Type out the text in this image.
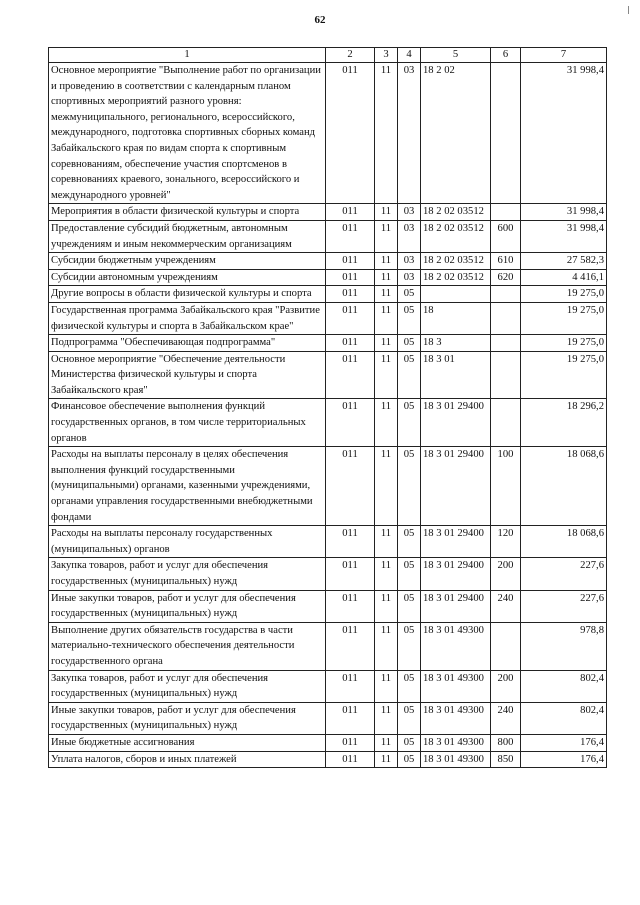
62
1	2	3	4	5	6	7
Основное мероприятие "Выполнение работ по организации и проведению в соответствии с календарным планом спортивных мероприятий разного уровня: межмуниципального, регионального, всероссийского, международного, подготовка спортивных сборных команд Забайкальского края по видам спорта к спортивным соревнованиям, обеспечение участия спортсменов в соревнованиях краевого, зонального, всероссийского и международного уровней"	011	11	03	18 2 02		31 998,4
Мероприятия в области физической культуры и спорта	011	11	03	18 2 02 03512		31 998,4
Предоставление субсидий бюджетным, автономным учреждениям и иным некоммерческим организациям	011	11	03	18 2 02 03512	600	31 998,4
Субсидии бюджетным учреждениям	011	11	03	18 2 02 03512	610	27 582,3
Субсидии автономным учреждениям	011	11	03	18 2 02 03512	620	4 416,1
Другие вопросы в области физической культуры и спорта	011	11	05			19 275,0
Государственная программа Забайкальского края "Развитие физической культуры и спорта в Забайкальском крае"	011	11	05	18		19 275,0
Подпрограмма "Обеспечивающая подпрограмма"	011	11	05	18 3		19 275,0
Основное мероприятие "Обеспечение деятельности Министерства физической культуры и спорта Забайкальского края"	011	11	05	18 3 01		19 275,0
Финансовое обеспечение выполнения функций государственных органов, в том числе территориальных органов	011	11	05	18 3 01 29400		18 296,2
Расходы на выплаты персоналу в целях обеспечения выполнения функций государственными (муниципальными) органами, казенными учреждениями, органами управления государственными внебюджетными фондами	011	11	05	18 3 01 29400	100	18 068,6
Расходы на выплаты персоналу государственных (муниципальных) органов	011	11	05	18 3 01 29400	120	18 068,6
Закупка товаров, работ и услуг для обеспечения государственных (муниципальных) нужд	011	11	05	18 3 01 29400	200	227,6
Иные закупки товаров, работ и услуг для обеспечения государственных (муниципальных) нужд	011	11	05	18 3 01 29400	240	227,6
Выполнение других обязательств государства в части материально-технического обеспечения деятельности государственного органа	011	11	05	18 3 01 49300		978,8
Закупка товаров, работ и услуг для обеспечения государственных (муниципальных) нужд	011	11	05	18 3 01 49300	200	802,4
Иные закупки товаров, работ и услуг для обеспечения государственных (муниципальных) нужд	011	11	05	18 3 01 49300	240	802,4
Иные бюджетные ассигнования	011	11	05	18 3 01 49300	800	176,4
Уплата налогов, сборов и иных платежей	011	11	05	18 3 01 49300	850	176,4
